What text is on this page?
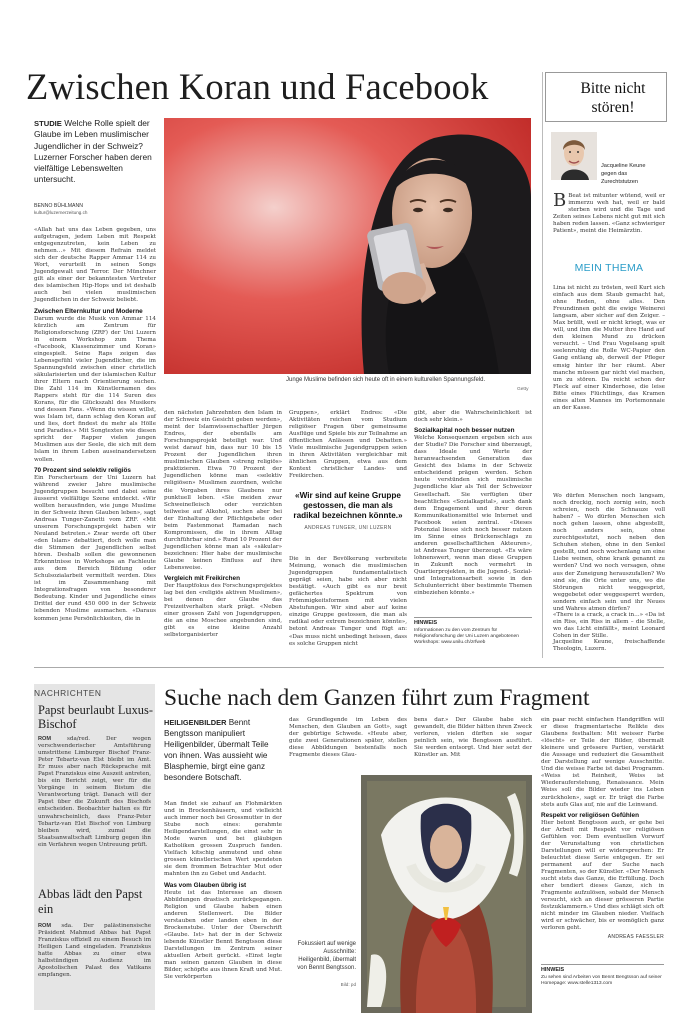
Zwischen Koran und Facebook	Bitte nicht stören!
Jacqueline Keune gegen das Zurechtstutzen
B Beat ist mitunter wütend, weil er immerzu weh hat, weil er bald sterben wird und die Tage und Zeiten seines Lebens nicht gut mit sich haben reden lassen. «Ganz schwieriger Patient», meint die Heimärztin.
MEIN THEMA
Lina ist nicht zu trösten, weil Kurt sich einfach aus dem Staub gemacht hat, ohne Reden, ohne alles. Den Freundinnen geht die ewige Weinerei langsam, aber sicher auf den Zeiger. – Max brüllt, weil er nicht kriegt, was er will, und ihm die Mutter ihre Hand auf den kleinen Mund zu drücken versucht. – Und Frau Vogelsang spult seelenruhig die Rolle WC-Papier den Gang entlang ab, derweil der Pfleger emsig hinter ihr her räumt. Aber manche müssen gar nicht viel machen, um zu stören. Da reicht schon der Fleck auf einer Kinderhose, die leise Bitte eines Flüchtlings, das Kramen eines alten Mannes im Portemonnaie an der Kasse.
Wo dürfen Menschen noch langsam, noch dreckig, noch zornig sein, noch schreien, noch die Schnauze voll haben? – Wo dürfen Menschen sich noch gehen lassen, ohne abgestellt, noch anders sein, ohne zurechtgestutzt, noch neben den Schuhen stehen, ohne in den Senkel gestellt, und noch wochenlang um eine Liebe weinen, ohne krank genannt zu werden? Und wo noch versagen, ohne aus der Zuneigung herauszufallen? Wo sind sie, die Orte unter uns, wo die Störungen nicht weggesprizt, weggebetet oder weggesperrt werden, sondern einfach sein und ihr Neues und Wahres atmen dürfen?
«There is a crack, a crack in…» «Da ist ein Riss, ein Riss in allem – die Stelle, wo das Licht einfällt», meint Leonard Cohen in der Stille.
Jacqueline Keune, freischaffende Theologin, Luzern.
STUDIE Welche Rolle spielt der Glaube im Leben muslimischer Jugendlicher in der Schweiz? Luzerner Forscher haben deren vielfältige Lebenswelten untersucht.
BENNO BÜHLMANN
kultur@luzernerzeitung.ch

«Allah hat uns das Leben gegeben, uns aufgetragen, jedem Leben mit Respekt entgegenzutreten, kein Leben zu nehmen…» Mit diesem Refrain meldet sich der deutsche Rapper Ammar 114 zu Wort, verurteilt in seinen Songs Jugendgewalt und Terror. Der Münchner gilt als einer der bekanntesten Vertreter des islamischen Hip-Hops und ist deshalb auch bei vielen muslimischen Jugendlichen in der Schweiz beliebt.

Zwischen Elternkultur und Moderne

Darum wurde die Musik von Ammar 114 kürzlich am Zentrum für Religionsforschung (ZRF) der Uni Luzern in einem Workshop zum Thema «Facebook, Klassenzimmer und Koran» eingespielt. Seine Raps zeigen das Lebensgefühl vieler Jugendlicher, die im Spannungsfeld zwischen einer christlich säkularisierten und der islamischen Kultur ihrer Eltern nach Orientierung suchen. Die Zahl 114 im Künstlernamen des Rappers steht für die 114 Suren des Korans, für die Glückszahl des Musikers und dessen Fans. «Wenn du wissen willst, was Islam ist, dann schlag den Koran auf und lies, dort findest du mehr als Hölle und Paradies.» Mit Songtexten wie diesen spricht der Rapper vielen jungen Muslimen aus der Seele, die sich mit dem Islam in ihrem Leben auseinandersetzen wollen.

70 Prozent sind selektiv religiös

Ein Forscherteam der Uni Luzern hat während zweier Jahre muslimische Jugendgruppen besucht und dabei seine äusserst vielfältige Szene entdeckt. «Wir wollten herausfinden, wie junge Muslime in der Schweiz ihren Glauben leben», sagt Andreas Tunger-Zanetti vom ZRF. «Mit unserem Forschungsprojekt haben wir Neuland betreten.» Zwar werde oft über «den Islam» debattiert, doch wolle man die Stimmen der Jugendlichen selbst hören. Deshalb sollen die gewonnenen Erkenntnisse in Workshops an Fachleute aus dem Bereich Bildung oder Schulsozialarbeit vermittelt werden. Dies ist im Zusammenhang mit Integrationsfragen von besonderer Bedeutung. Kinder und Jugendliche eines Drittel der rund 450 000 in der Schweiz lebenden Muslime ausmachen. «Daraus kommen jene Persönlichkeiten, die in

Junge Muslime befinden sich heute oft in einem kulturellen Spannungsfeld.
Getty

den nächsten Jahrzehnten den Islam in der Schweiz ein Gesicht geben werden», meint der Islamwissenschaftler Jürgen Endres, der ebenfalls am Forschungsprojekt beteiligt war. Und weist darauf hin, dass nur 10 bis 15 Prozent der Jugendlichen ihren muslimischen Glauben «streng religiös» praktizieren. Etwa 70 Prozent der Jugendlichen könne man «selektiv religiösen» Muslimen zuordnen, welche die Vorgaben ihres Glaubens nur punktuell leben. «Sie meiden zwar Schweinefleisch oder verzichten teilweise auf Alkohol, suchen aber bei der Einhaltung der Pflichtgebete oder beim Fastenmonat Ramadan nach Kompromissen, die in ihrem Alltag durchführbar sind.» Rund 10 Prozent der Jugendlichen könne man als «säkular» bezeichnen: Hier habe der muslimische Glaube keinen Einfluss auf ihre Lebensweise.

Vergleich mit Freikirchen

Der Hauptfokus des Forschungsprojektes lag bei den «religiös aktiven Muslimen», bei denen der Glaube das Freizeitverhalten stark prägt. «Neben einer grossen Zahl von Jugendgruppen, die an eine Moschee angebunden sind, gibt es eine kleine Anzahl selbstorganisierter

Gruppen», erklärt Endres: «Die Aktivitäten reichen vom Studium religiöser Fragen über gemeinsame Ausflüge und Spiele bis zur Teilnahme an öffentlichen Anlässen und Debatten.» Viele muslimische Jugendgruppen seien in ihren Aktivitäten vergleichbar mit ähnlichen Gruppen, etwa aus dem Kontext christlicher Landes- und Freikirchen.

«Wir sind auf keine Gruppe gestossen, die man als radikal bezeichnen könnte.»
ANDREAS TUNGER, UNI LUZERN
Die in der Bevölkerung verbreitete Meinung, wonach die muslimischen Jugendgruppen fundamentalistisch geprägt seien, habe sich aber nicht bestätigt. «Auch gibt es nur breit gefächertes Spektrum von Frömmigkeitsformen mit vielen Abstufungen. Wir sind aber auf keine einzige Gruppe gestossen, die man als radikal oder extrem bezeichnen könnte», betont Andreas Tunger und fügt an: «Das muss nicht unbedingt heissen, dass es solche Gruppen nicht

gibt, aber die Wahrscheinlichkeit ist doch sehr klein.»

Sozialkapital noch besser nutzen

Welche Konsequenzen ergeben sich aus der Studie? Die Forscher sind überzeugt, dass Ideale und Werte der heranwachsenden Generation das Gesicht des Islams in der Schweiz entscheidend prägen werden. Schon heute verstünden sich muslimische Jugendliche klar als Teil der Schweizer Gesellschaft. Sie verfügten über beachtliches «Sozialkapital», auch dank dem Engagement und ihrer deren Kommunikationsmittel wie Internet und Facebook seien zentral. «Dieses Potenzial liesse sich noch besser nutzen im Sinne eines Brückenschlags zu anderen gesellschaftlichen Akteuren», ist Andreas Tunger überzeugt. «Es wäre lohnenswert, wenn man diese Gruppen in Zukunft noch vermehrt in Quartierprojekten, in die Jugend-, Sozial- und Integrationsarbeit sowie in den Schulunterricht über bestimmte Themen einbeziehen könnte.»

HINWEIS
Informationen zu den vom Zentrum für Religionsforschung der Uni Luzern angebotenen Workshops: www.unilu.ch/zrfweb
NACHRICHTEN
Papst beurlaubt Luxus-Bischof
ROM	sda/red. Der wegen verschwenderischer Amtsführung umstrittene Limburger Bischof Franz-Peter Tebartz-van Elst bleibt im Amt. Er muss aber nach Rücksprache mit Papst Franziskus eine Auszeit antreten, bis ein Bericht zeigt, wer für die Vorgänge in seinem Bistum die Verantwortung trägt. Danach will der Papst über die Zukunft des Bischofs entscheiden. Beobachter halten es für unwahrscheinlich, dass Franz-Peter Tebartz-van Elst Bischof von Limburg bleiben wird, zumal die Staatsanwaltschaft Limburg gegen ihn ein Verfahren wegen Untreuung prüft.
Abbas lädt den Papst ein
ROM sda. Der palästinensische Präsident Mahmud Abbas hat Papst Franziskus offiziell zu einem Besuch im Heiligen Land eingeladen. Franziskus hatte Abbas zu einer etwa halbstündigen Audienz im Apostolischen Palast des Vatikans empfangen.
Suche nach dem Ganzen führt zum Fragment
HEILIGENBILDER Bennt Bengtsson manipuliert Heiligenbilder, übermalt Teile von ihnen. Was aussieht wie Blasphemie, birgt eine ganz besondere Botschaft.

Man findet sie zuhauf an Flohmärkten und in Brockenhäusern, und vielleicht auch immer noch bei Grossmutter in der Stube noch eines: gerahmte Heiligendarstellungen, die einst sehr in Mode waren und bei gläubigen Katholiken grossen Zuspruch fanden. Vielfach kitschig anmutend und ohne grossen künstlerischen Wert spendeten sie dem frommen Betrachter Mut oder mahnten ihn zu Gebet und Andacht.

Was vom Glauben übrig ist

Heute ist das Interesse an diesen Abbildungen drastisch zurückgegangen. Religion und Glaube haben einen anderen Stellenwert. Die Bilder verstauben oder landen eben in der Brockenstube. Unter der Überschrift «Glaube. Ist» hat der in der Schweiz lebende Künstler Bennt Bengtsson diese Darstellungen im Zentrum seiner aktuellen Arbeit gerückt. «Einst legte man seinen ganzen Glauben in diese Bilder, schöpfte aus ihnen Kraft und Mut. Sie verkörperten

das Grundlegende im Leben des Menschen, den Glauben an Gott», sagt der gebürtige Schwede. «Heute aber, gute zwei Generationen später, stellen diese Abbildungen bestenfalls noch Fragmente dieses Glau-
bens dar.» Der Glaube habe sich gewandelt, die Bilder hätten ihren Zweck verloren, vielen dürften sie sogar peinlich sein, wie Bengtsson ausführt. Sie werden entsorgt. Und hier setzt der Künstler an. Mit
Fokussiert auf wenige Ausschnitte: Heiligenbild, übermalt von Bennt Bengtsson.
Bild: pd

ein paar recht einfachen Handgriffen will er diese fragmentarische Relikte des Glaubens festhalten: Mit weisser Farbe «löscht» er Teile der Bilder, übermalt kleinere und grössere Partien, verstärkt die Aussage und reduziert die Gesamtheit der Darstellung auf wenige Ausschnitte. Und die weisse Farbe ist dabei Programm. «Weiss ist Reinheit, Weiss ist Wiederauferstehung, Renaissance. Mein Weiss soll die Bilder wieder ins Leben zurückholen», sagt er. Er trägt die Farbe stets aufs Glas auf, nie auf die Leinwand.

Respekt vor religiösen Gefühlen

Hier betont Bengtsson auch, er gehe bei der Arbeit mit Respekt vor religiösen Gefühlen vor. Dem eventuellen Vorwurf der Verunstaltung von christlichen Darstellungen will er widersprechen: Er beleuchtet diese Serie entgegen. Er sei permanent auf der Suche nach Fragmenten, so der Künstler. «Der Mensch sucht stets das Ganze, die Erfüllung. Doch eher tendiert dieses Ganze, sich in Fragmente aufzulösen, sobald der Mensch versucht, sich an dieser grösseren Partie festzuklammern.» Und dies schlägt sich oft nicht minder im Glauben nieder. Vielfach wird er schwächer, bis er womöglich ganz verloren geht.

ANDREAS FAESSLER
HINWEIS
Zu sehen sind Arbeiten von Bennt Bengtsson auf seiner Homepage: www.stelle1313.com
